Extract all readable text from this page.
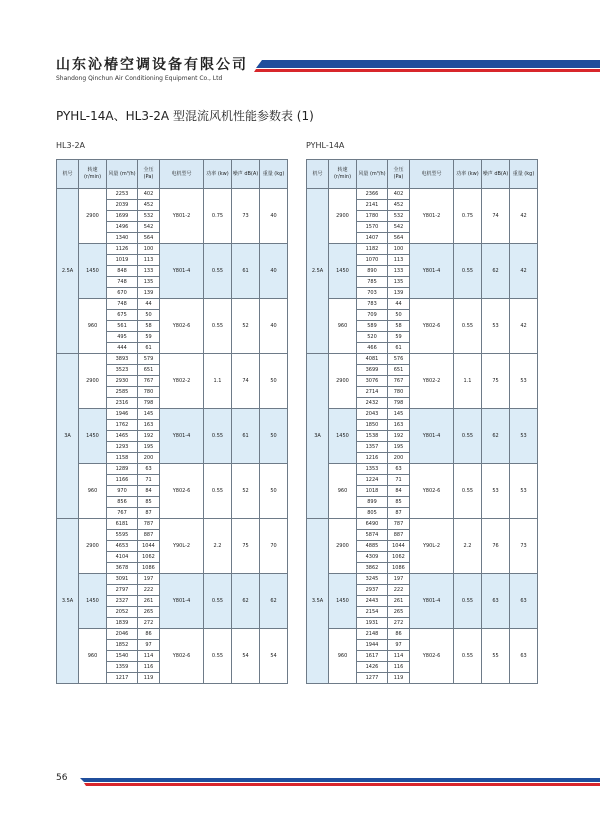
山东沁椿空调设备有限公司
Shandong Qinchun Air Conditioning Equipment Co., Ltd
PYHL-14A、HL3-2A 型混流风机性能参数表 (1)
HL3-2A	PYHL-14A
机号	转速 (r/min)	风量 (m³/h)	全压 (Pa)	电机型号	功率 (kw)	噪声 dB(A)	重量 (kg)
2.5A	2900	2253	402	Y801-2	0.75	73	40
		2039	452				
		1699	532				
		1496	542				
		1340	564				
	1450	1126	100	Y801-4	0.55	61	40
		1019	113				
		848	133				
		748	135				
		670	139				
	960	748	44	Y802-6	0.55	52	40
		675	50				
		561	58				
		495	59				
		444	61				
3A	2900	3893	579	Y802-2	1.1	74	50
		3523	651				
		2930	767				
		2585	780				
		2316	798				
	1450	1946	145	Y801-4	0.55	61	50
		1762	163				
		1465	192				
		1293	195				
		1158	200				
	960	1289	63	Y802-6	0.55	52	50
		1166	71				
		970	84				
		856	85				
		767	87				
3.5A	2900	6181	787	Y90L-2	2.2	75	70
		5595	887				
		4653	1044				
		4104	1062				
		3678	1086				
	1450	3091	197	Y801-4	0.55	62	62
		2797	222				
		2327	261				
		2052	265				
		1839	272				
	960	2046	86	Y802-6	0.55	54	54
		1852	97				
		1540	114				
		1359	116				
		1217	119				
机号	转速 (r/min)	风量 (m³/h)	全压 (Pa)	电机型号	功率 (kw)	噪声 dB(A)	重量 (kg)
2.5A	2900	2366	402	Y801-2	0.75	74	42
		2141	452				
		1780	532				
		1570	542				
		1407	564				
	1450	1182	100	Y801-4	0.55	62	42
		1070	113				
		890	133				
		785	135				
		703	139				
	960	783	44	Y802-6	0.55	53	42
		709	50				
		589	58				
		520	59				
		466	61				
3A	2900	4081	576	Y802-2	1.1	75	53
		3699	651				
		3076	767				
		2714	780				
		2432	798				
	1450	2043	145	Y801-4	0.55	62	53
		1850	163				
		1538	192				
		1357	195				
		1216	200				
	960	1353	63	Y802-6	0.55	53	53
		1224	71				
		1018	84				
		899	85				
		805	87				
3.5A	2900	6490	787	Y90L-2	2.2	76	73
		5874	887				
		4885	1044				
		4309	1062				
		3862	1086				
	1450	3245	197	Y801-4	0.55	63	63
		2937	222				
		2443	261				
		2154	265				
		1931	272				
	960	2148	86	Y802-6	0.55	55	63
		1944	97				
		1617	114				
		1426	116				
		1277	119				
56
